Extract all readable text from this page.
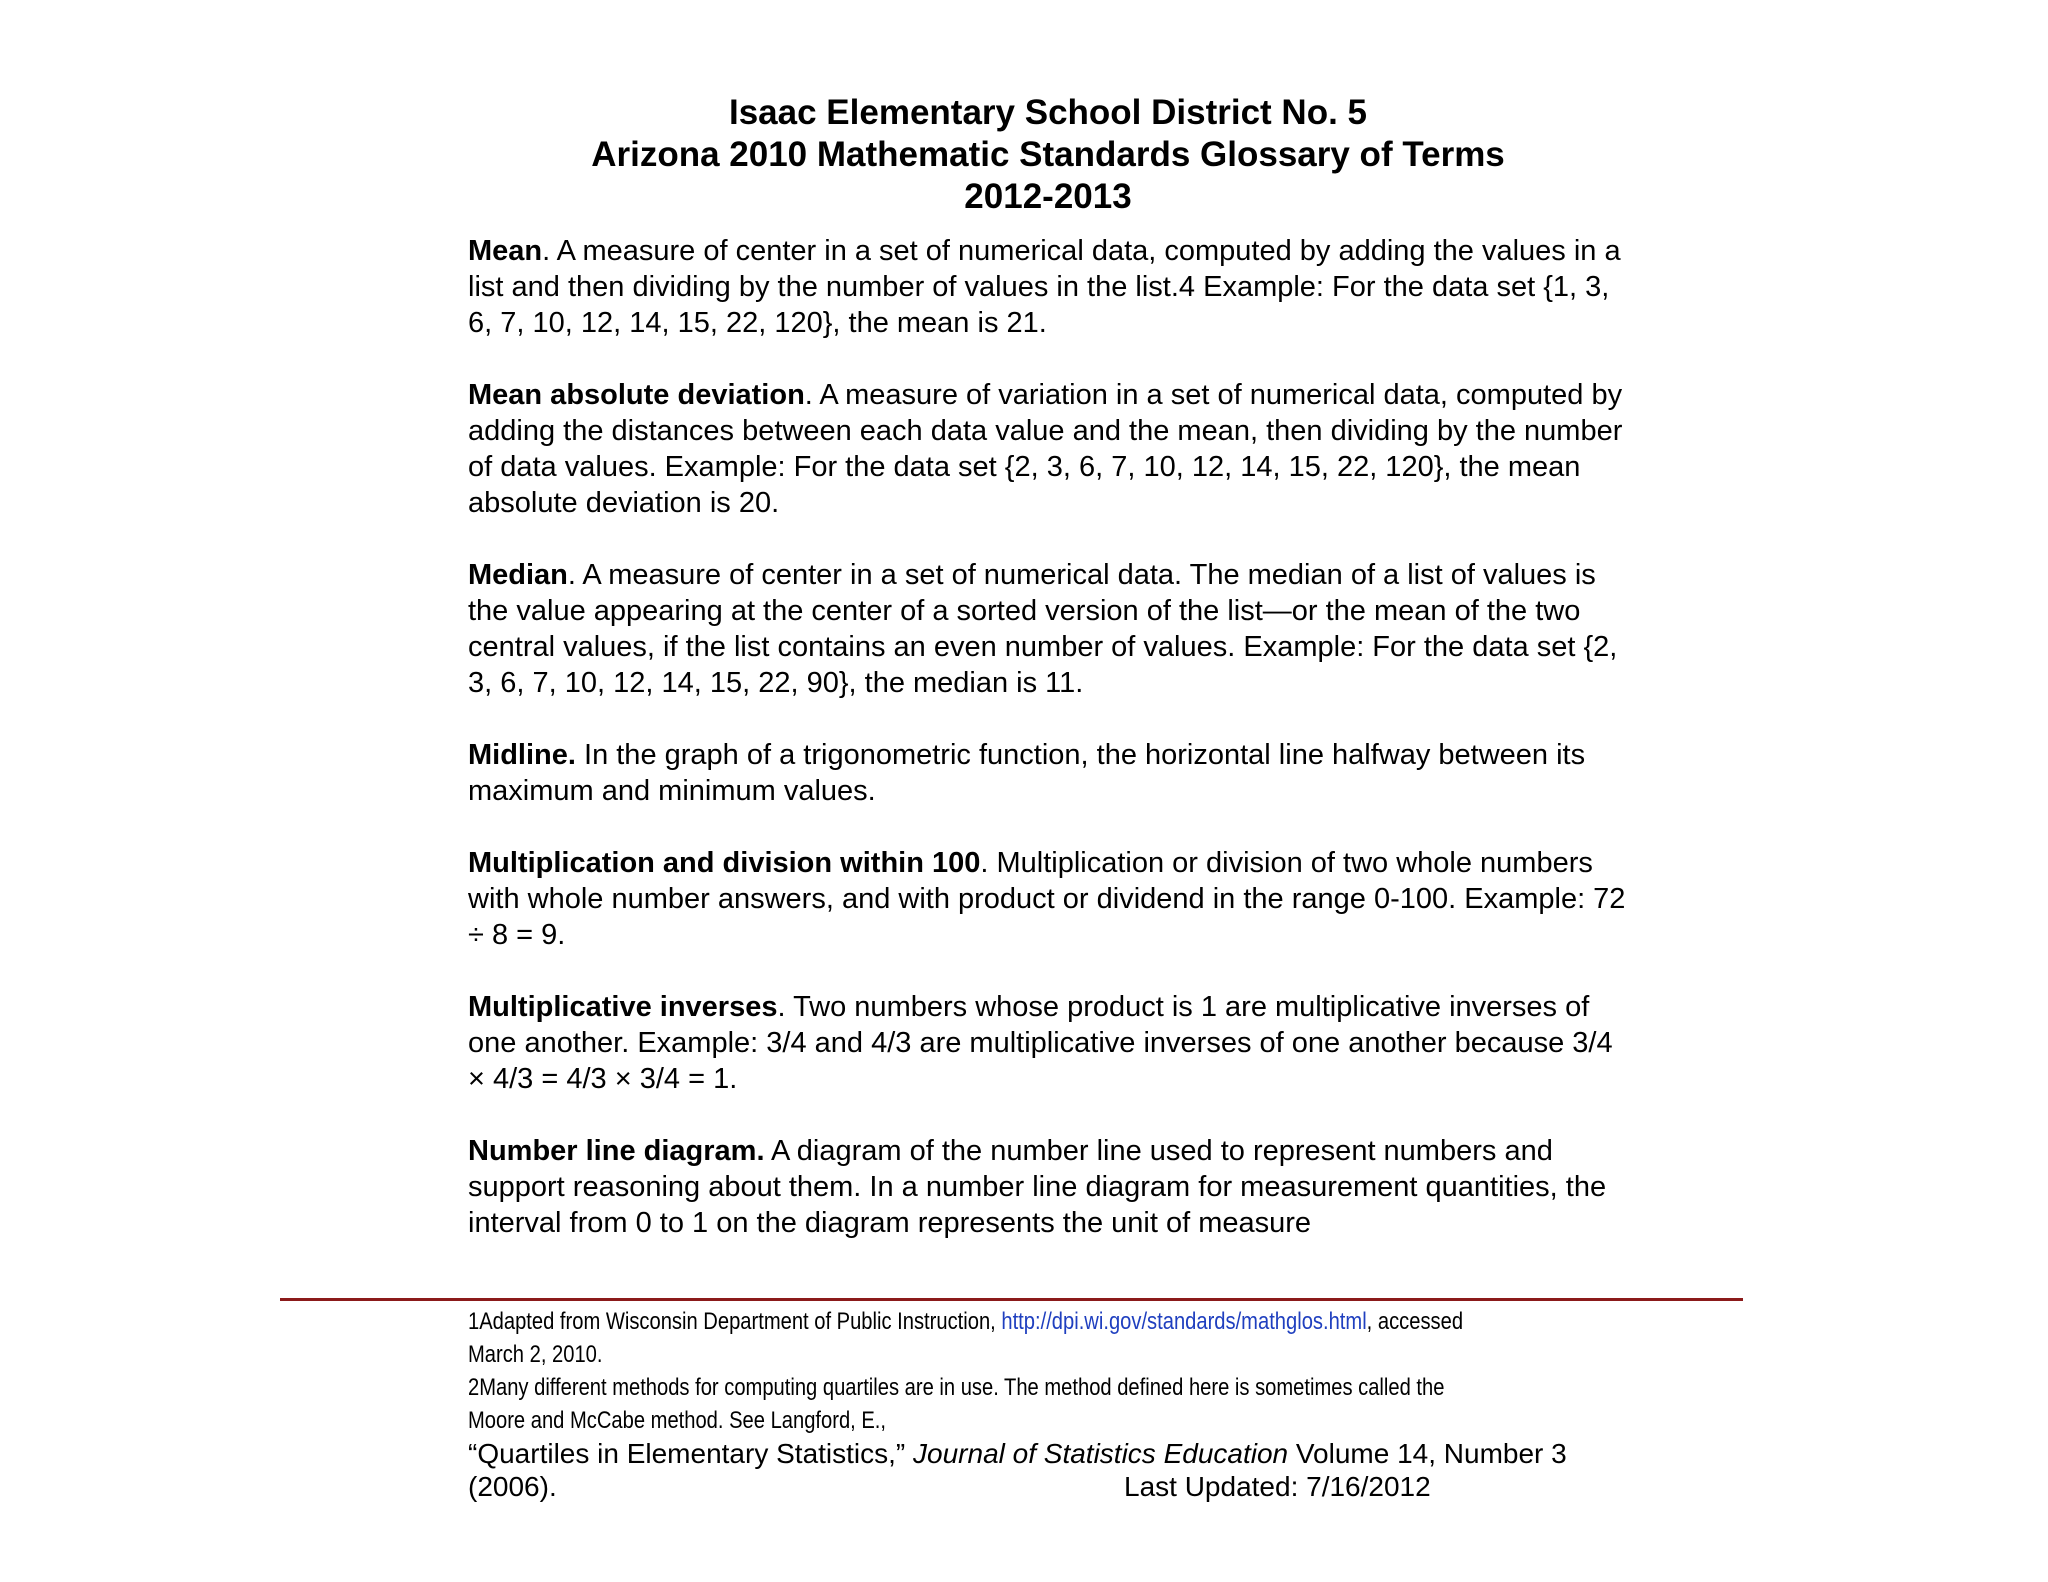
Isaac Elementary School District No. 5
Arizona 2010 Mathematic Standards Glossary of Terms
2012-2013

Mean. A measure of center in a set of numerical data, computed by adding the values in a list and then dividing by the number of values in the list.4 Example: For the data set {1, 3, 6, 7, 10, 12, 14, 15, 22, 120}, the mean is 21.

Mean absolute deviation. A measure of variation in a set of numerical data, computed by adding the distances between each data value and the mean, then dividing by the number of data values. Example: For the data set {2, 3, 6, 7, 10, 12, 14, 15, 22, 120}, the mean absolute deviation is 20.

Median. A measure of center in a set of numerical data. The median of a list of values is the value appearing at the center of a sorted version of the list—or the mean of the two central values, if the list contains an even number of values. Example: For the data set {2, 3, 6, 7, 10, 12, 14, 15, 22, 90}, the median is 11.

Midline. In the graph of a trigonometric function, the horizontal line halfway between its maximum and minimum values.

Multiplication and division within 100. Multiplication or division of two whole numbers with whole number answers, and with product or dividend in the range 0-100. Example: 72 ÷ 8 = 9.

Multiplicative inverses. Two numbers whose product is 1 are multiplicative inverses of one another. Example: 3/4 and 4/3 are multiplicative inverses of one another because 3/4 × 4/3 = 4/3 × 3/4 = 1.

Number line diagram. A diagram of the number line used to represent numbers and support reasoning about them. In a number line diagram for measurement quantities, the interval from 0 to 1 on the diagram represents the unit of measure

1Adapted from Wisconsin Department of Public Instruction, http://dpi.wi.gov/standards/mathglos.html, accessed
March 2, 2010.
2Many different methods for computing quartiles are in use. The method defined here is sometimes called the
Moore and McCabe method. See Langford, E.,
“Quartiles in Elementary Statistics,” Journal of Statistics Education Volume 14, Number 3
(2006).	Last Updated: 7/16/2012
